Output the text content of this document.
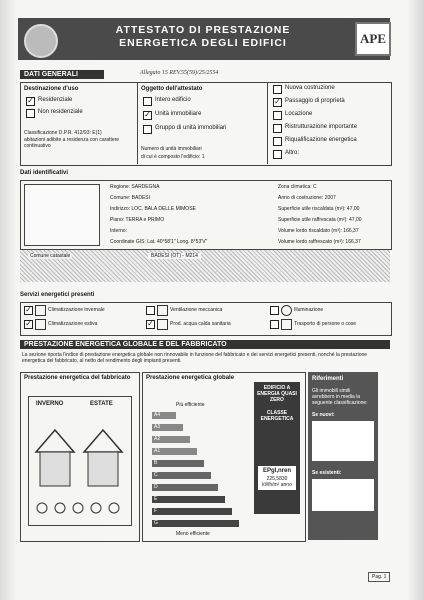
ATTESTATO DI PRESTAZIONE
ENERGETICA DEGLI EDIFICI	APE
DATI GENERALI	Allegato 15 REV.55(59)/25/2554
Destinazione d'uso
✓ Residenziale
Non residenziale
Classificazione D.P.R. 412/93: E(1)
abitazioni adibite a residenza con carattere continuativo
Oggetto dell'attestato
Intero edificio
✓ Unità immobiliare
Gruppo di unità immobiliari
Numero di unità immobiliari
di cui è composto l'edificio: 1
Nuova costruzione
✓ Passaggio di proprietà
Locazione
Ristrutturazione importante
Riqualificazione energetica
Altro:
Dati identificativi
Regione: SARDEGNA
Comune: BADESI
Indirizzo: LOC. BALA DELLE MIMOSE
Piano: TERRA e PRIMO
Interno:
Coordinate GIS: Lat. 40°58'1" Long. 8°53'V"
Zona climatica: C
Anno di costruzione: 2007
Superficie utile riscaldata (m²): 47,00
Superficie utile raffrescata (m²): 47,00
Volume lordo riscaldato (m³): 166,37
Volume lordo raffrescato (m³): 166,37
Comune catastale	BADESI (OT) - M214
Servizi energetici presenti
✓	Climatizzazione invernale
✓	Climatizzazione estiva
Ventilazione meccanica
✓	Prod. acqua calda sanitaria
Illuminazione
Trasporto di persone o cose
PRESTAZIONE ENERGETICA GLOBALE E DEL FABBRICATO
La sezione riporta l'indice di prestazione energetica globale non rinnovabile in funzione del fabbricato e dei servizi energetici presenti, nonché la prestazione energetica del fabbricato, al netto del rendimento degli impianti presenti.
Prestazione energetica del fabbricato
INVERNO	ESTATE
Prestazione energetica globale
Più efficiente
A4
A3
A2
A1
B
C
D
E
F
G
Meno efficiente
EDIFICIO A ENERGIA QUASI ZERO
CLASSE ENERGETICA
EPgl,nren
225,5830
kWh/m² anno
Riferimenti
Gli immobili simili avrebbero in media la seguente classificazione:
Se nuovi:
Se esistenti:
Pag. 1
